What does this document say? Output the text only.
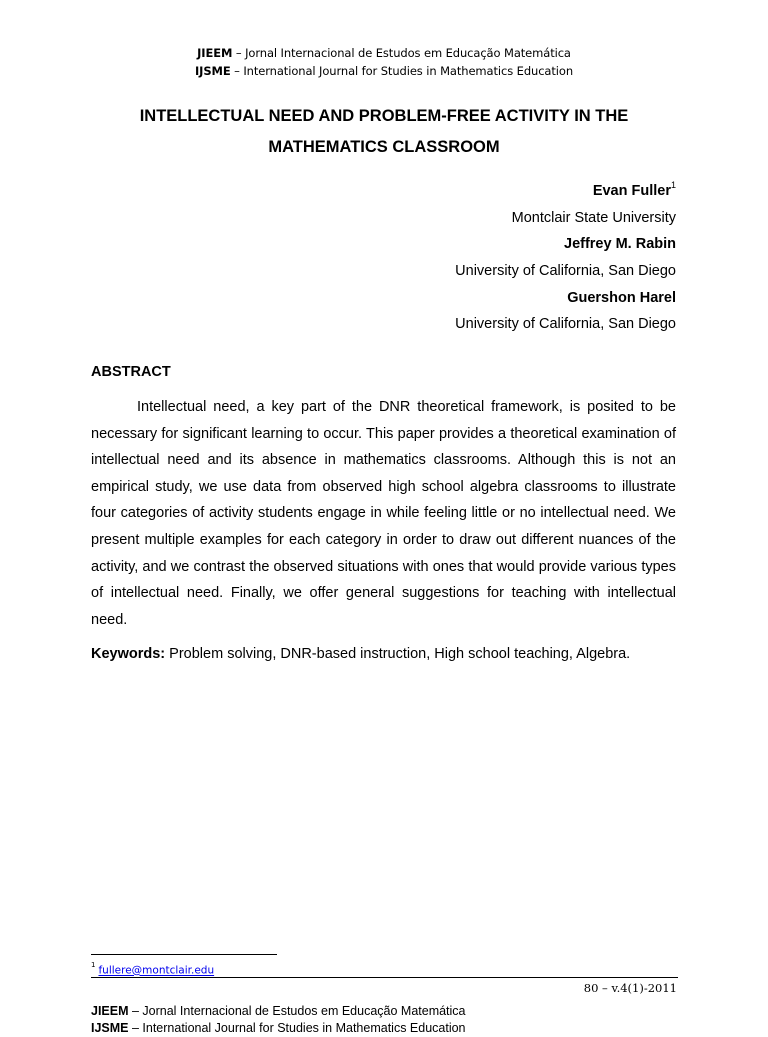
JIEEM – Jornal Internacional de Estudos em Educação Matemática
IJSME – International Journal for Studies in Mathematics Education
INTELLECTUAL NEED AND PROBLEM-FREE ACTIVITY IN THE
MATHEMATICS CLASSROOM
Evan Fuller$^1$
Montclair State University
Jeffrey M. Rabin
University of California, San Diego
Guershon Harel
University of California, San Diego
ABSTRACT

Intellectual need, a key part of the DNR theoretical framework, is posited to be necessary for significant learning to occur. This paper provides a theoretical examination of intellectual need and its absence in mathematics classrooms. Although this is not an empirical study, we use data from observed high school algebra classrooms to illustrate four categories of activity students engage in while feeling little or no intellectual need. We present multiple examples for each category in order to draw out different nuances of the activity, and we contrast the observed situations with ones that would provide various types of intellectual need. Finally, we offer general suggestions for teaching with intellectual need.

Keywords: Problem solving, DNR-based instruction, High school teaching, Algebra.
$^1$ fullere@montclair.edu
80 – v.4(1)-2011
JIEEM – Jornal Internacional de Estudos em Educação Matemática
IJSME – International Journal for Studies in Mathematics Education
